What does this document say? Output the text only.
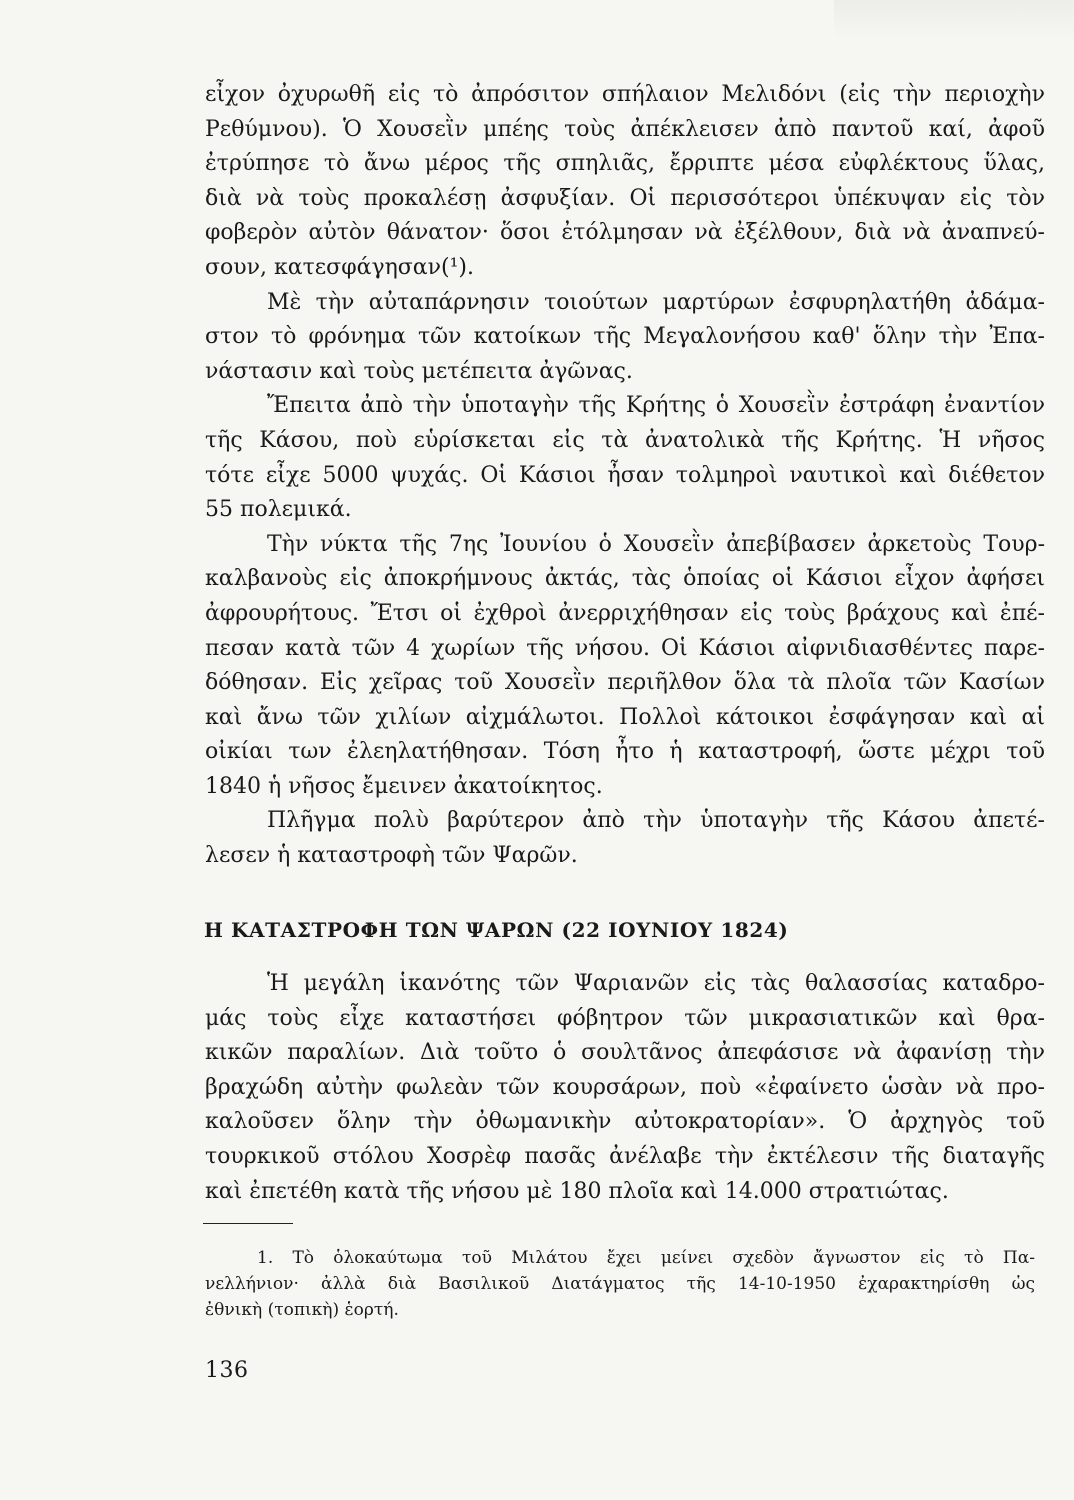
εἶχον ὀχυρωθῆ εἰς τὸ ἀπρόσιτον σπήλαιον Μελιδόνι (εἰς τὴν περιοχὴν
Ρεθύμνου). Ὁ Χουσεῒν μπέης τοὺς ἀπέκλεισεν ἀπὸ παντοῦ καί, ἀφοῦ
ἐτρύπησε τὸ ἄνω μέρος τῆς σπηλιᾶς, ἔρριπτε μέσα εὐφλέκτους ὕλας,
διὰ νὰ τοὺς προκαλέσῃ ἀσφυξίαν. Οἱ περισσότεροι ὑπέκυψαν εἰς τὸν
φοβερὸν αὐτὸν θάνατον· ὅσοι ἐτόλμησαν νὰ ἐξέλθουν, διὰ νὰ ἀναπνεύ-
σουν, κατεσφάγησαν(¹).
Μὲ τὴν αὐταπάρνησιν τοιούτων μαρτύρων ἐσφυρηλατήθη ἀδάμα-
στον τὸ φρόνημα τῶν κατοίκων τῆς Μεγαλονήσου καθ' ὅλην τὴν Ἐπα-
νάστασιν καὶ τοὺς μετέπειτα ἀγῶνας.
Ἔπειτα ἀπὸ τὴν ὑποταγὴν τῆς Κρήτης ὁ Χουσεῒν ἐστράφη ἐναντίον
τῆς Κάσου, ποὺ εὑρίσκεται εἰς τὰ ἀνατολικὰ τῆς Κρήτης. Ἡ νῆσος
τότε εἶχε 5000 ψυχάς. Οἱ Κάσιοι ἦσαν τολμηροὶ ναυτικοὶ καὶ διέθετον
55 πολεμικά.
Τὴν νύκτα τῆς 7ης Ἰουνίου ὁ Χουσεῒν ἀπεβίβασεν ἀρκετοὺς Τουρ-
καλβανοὺς εἰς ἀποκρήμνους ἀκτάς, τὰς ὁποίας οἱ Κάσιοι εἶχον ἀφήσει
ἀφρουρήτους. Ἔτσι οἱ ἐχθροὶ ἀνερριχήθησαν εἰς τοὺς βράχους καὶ ἐπέ-
πεσαν κατὰ τῶν 4 χωρίων τῆς νήσου. Οἱ Κάσιοι αἰφνιδιασθέντες παρε-
δόθησαν. Εἰς χεῖρας τοῦ Χουσεῒν περιῆλθον ὅλα τὰ πλοῖα τῶν Κασίων
καὶ ἄνω τῶν χιλίων αἰχμάλωτοι. Πολλοὶ κάτοικοι ἐσφάγησαν καὶ αἱ
οἰκίαι των ἐλεηλατήθησαν. Τόση ἦτο ἡ καταστροφή, ὥστε μέχρι τοῦ
1840 ἡ νῆσος ἔμεινεν ἀκατοίκητος.
Πλῆγμα πολὺ βαρύτερον ἀπὸ τὴν ὑποταγὴν τῆς Κάσου ἀπετέ-
λεσεν ἡ καταστροφὴ τῶν Ψαρῶν.
Η ΚΑΤΑΣΤΡΟΦΗ ΤΩΝ ΨΑΡΩΝ (22 ΙΟΥΝΙΟΥ 1824)
Ἡ μεγάλη ἱκανότης τῶν Ψαριανῶν εἰς τὰς θαλασσίας καταδρο-
μάς τοὺς εἶχε καταστήσει φόβητρον τῶν μικρασιατικῶν καὶ θρα-
κικῶν παραλίων. Διὰ τοῦτο ὁ σουλτᾶνος ἀπεφάσισε νὰ ἀφανίσῃ τὴν
βραχώδη αὐτὴν φωλεὰν τῶν κουρσάρων, ποὺ «ἐφαίνετο ὡσὰν νὰ προ-
καλοῦσεν ὅλην τὴν ὀθωμανικὴν αὐτοκρατορίαν». Ὁ ἀρχηγὸς τοῦ
τουρκικοῦ στόλου Χοσρὲφ πασᾶς ἀνέλαβε τὴν ἐκτέλεσιν τῆς διαταγῆς
καὶ ἐπετέθη κατὰ τῆς νήσου μὲ 180 πλοῖα καὶ 14.000 στρατιώτας.
1. Τὸ ὁλοκαύτωμα τοῦ Μιλάτου ἔχει μείνει σχεδὸν ἄγνωστον εἰς τὸ Πα-
νελλήνιον· ἀλλὰ διὰ Βασιλικοῦ Διατάγματος τῆς 14-10-1950 ἐχαρακτηρίσθη ὡς
ἐθνικὴ (τοπικὴ) ἑορτή.
136
